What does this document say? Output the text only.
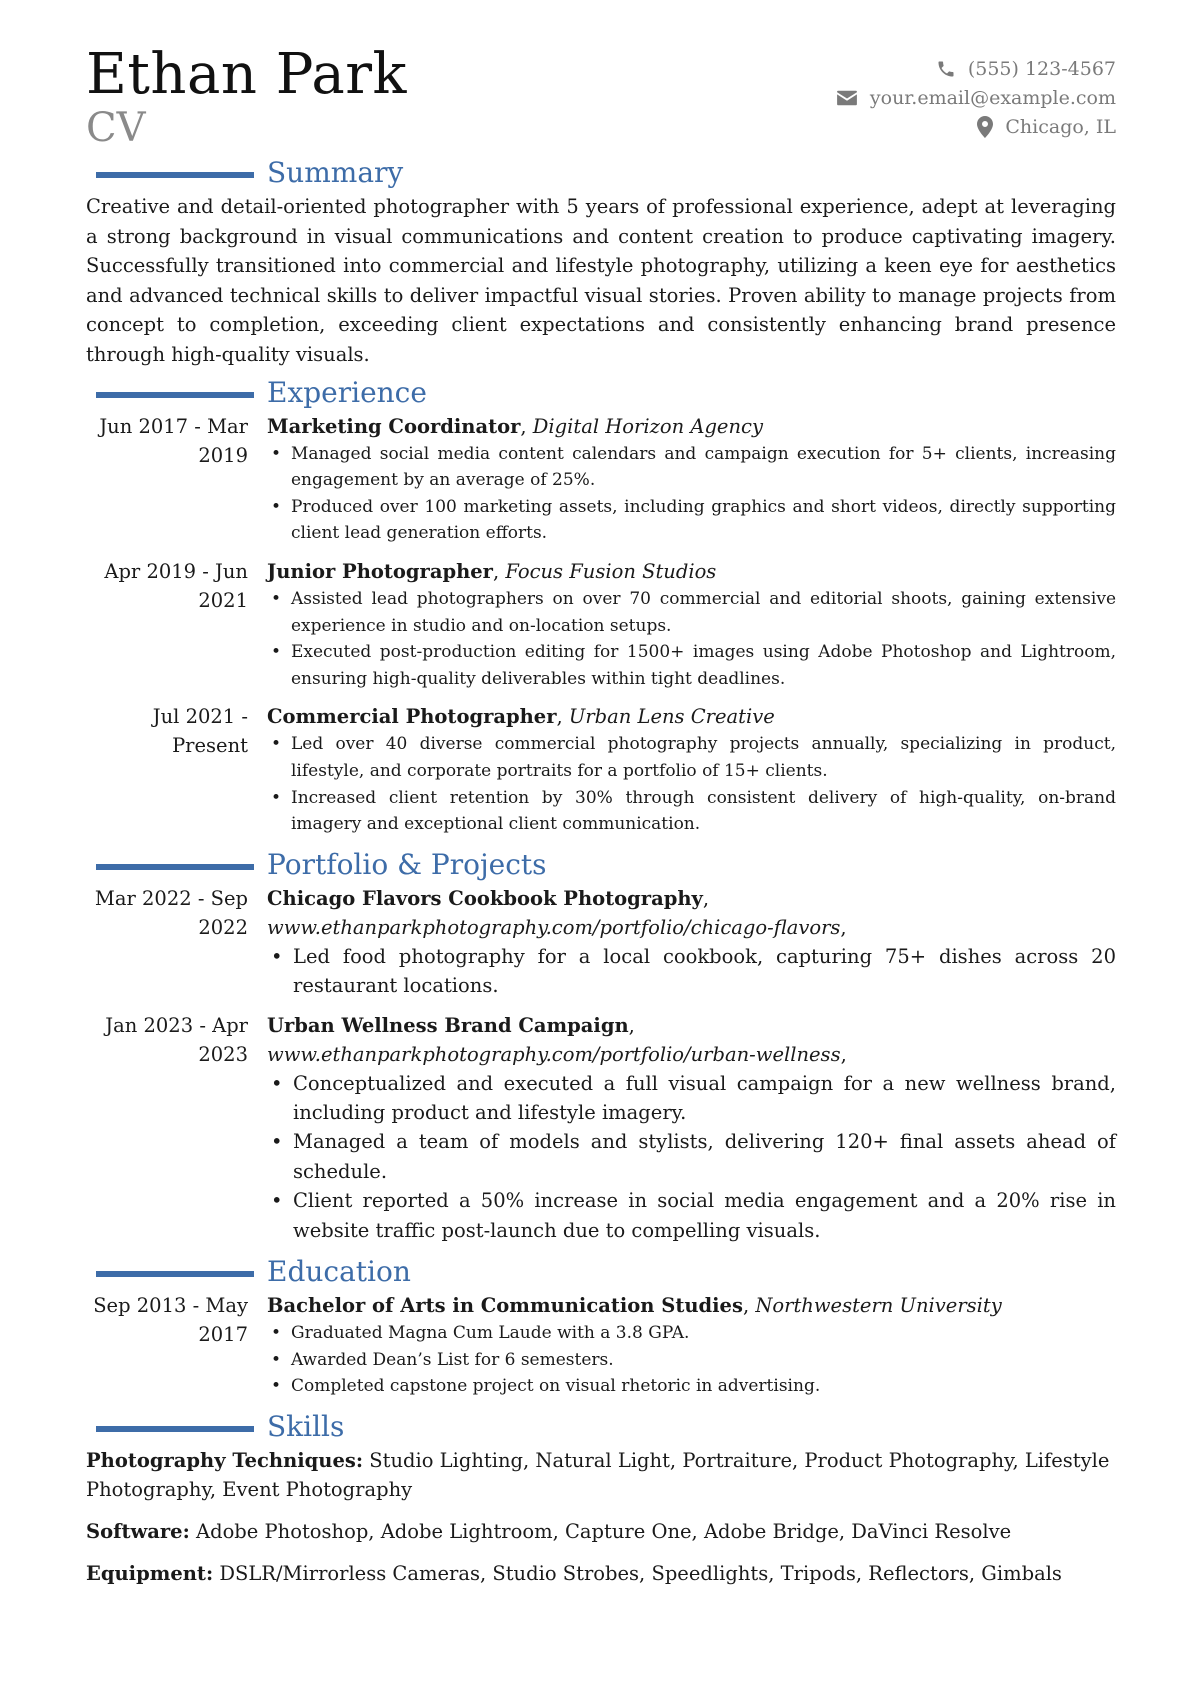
Ethan Park
CV
(555) 123-4567
your.email@example.com
Chicago, IL
Summary

Creative and detail-oriented photographer with 5 years of professional experience, adept at leveraging a strong background in visual communications and content creation to produce captivating imagery. Successfully transitioned into commercial and lifestyle photography, utilizing a keen eye for aesthetics and advanced technical skills to deliver impactful visual stories. Proven ability to manage projects from concept to completion, exceeding client expectations and consistently enhancing brand presence through high-quality visuals.

Experience
Jun 2017 - Mar 2019
Marketing Coordinator, Digital Horizon Agency
• Managed social media content calendars and campaign execution for 5+ clients, increasing engagement by an average of 25%.
• Produced over 100 marketing assets, including graphics and short videos, directly supporting client lead generation efforts.
Apr 2019 - Jun 2021
Junior Photographer, Focus Fusion Studios
• Assisted lead photographers on over 70 commercial and editorial shoots, gaining extensive experience in studio and on-location setups.
• Executed post-production editing for 1500+ images using Adobe Photoshop and Lightroom, ensuring high-quality deliverables within tight deadlines.
Jul 2021 - Present
Commercial Photographer, Urban Lens Creative
• Led over 40 diverse commercial photography projects annually, specializing in product, lifestyle, and corporate portraits for a portfolio of 15+ clients.
• Increased client retention by 30% through consistent delivery of high-quality, on-brand imagery and exceptional client communication.
Portfolio & Projects
Mar 2022 - Sep 2022
Chicago Flavors Cookbook Photography, www.ethanparkphotography.com/portfolio/chicago-flavors,
• Led food photography for a local cookbook, capturing 75+ dishes across 20 restaurant locations.
Jan 2023 - Apr 2023
Urban Wellness Brand Campaign, www.ethanparkphotography.com/portfolio/urban-wellness,
• Conceptualized and executed a full visual campaign for a new wellness brand, including product and lifestyle imagery.
• Managed a team of models and stylists, delivering 120+ final assets ahead of schedule.
• Client reported a 50% increase in social media engagement and a 20% rise in website traffic post-launch due to compelling visuals.
Education
Sep 2013 - May 2017
Bachelor of Arts in Communication Studies, Northwestern University
• Graduated Magna Cum Laude with a 3.8 GPA.
• Awarded Dean’s List for 6 semesters.
• Completed capstone project on visual rhetoric in advertising.
Skills

Photography Techniques: Studio Lighting, Natural Light, Portraiture, Product Photography, Lifestyle Photography, Event Photography

Software: Adobe Photoshop, Adobe Lightroom, Capture One, Adobe Bridge, DaVinci Resolve

Equipment: DSLR/Mirrorless Cameras, Studio Strobes, Speedlights, Tripods, Reflectors, Gimbals
